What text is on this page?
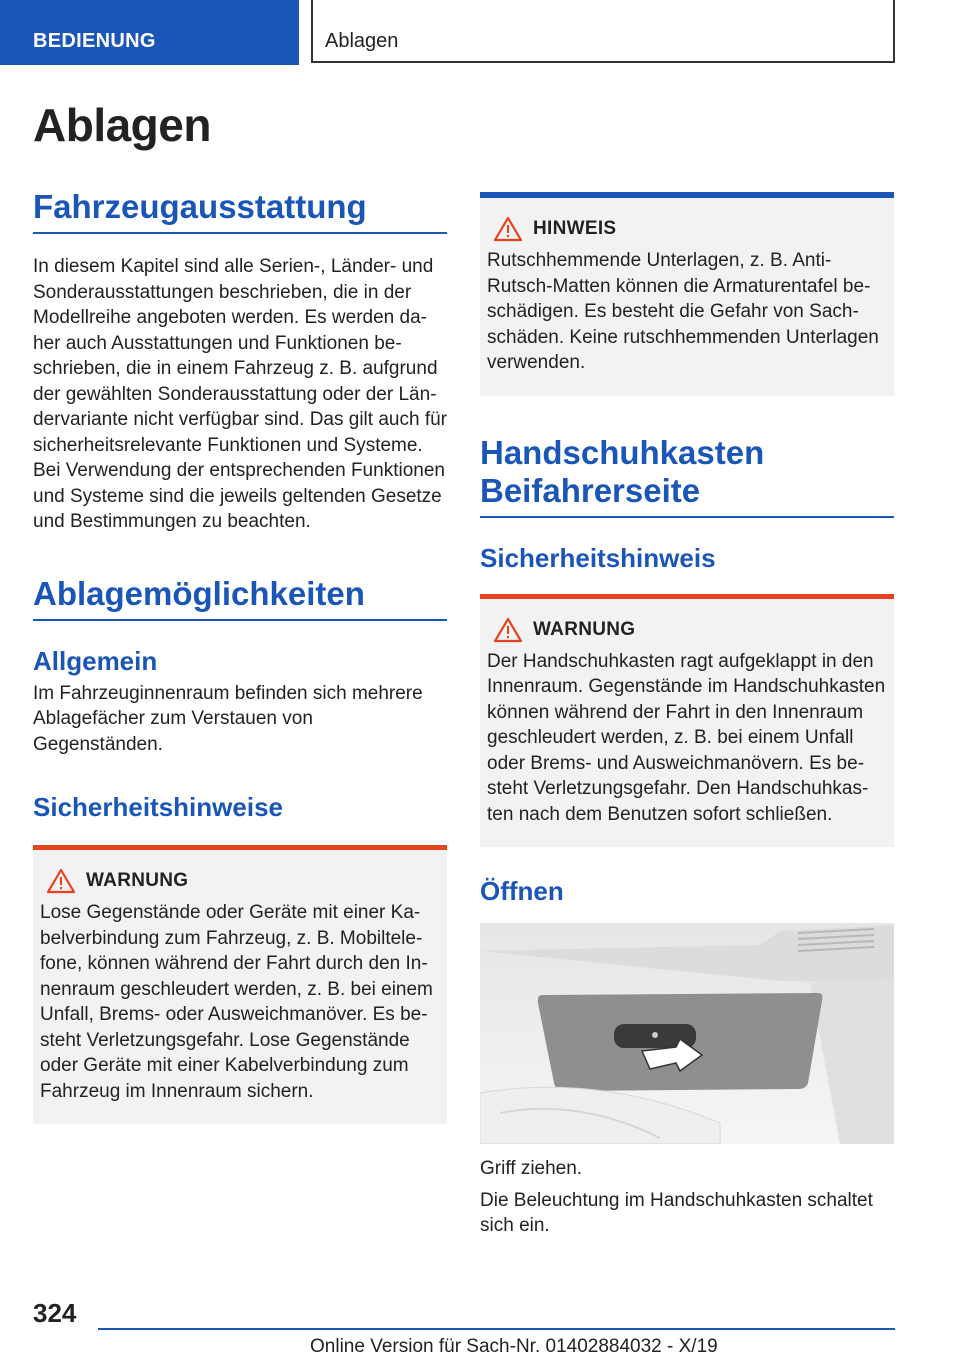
BEDIENUNG	Ablagen
Ablagen
Fahrzeugausstattung

In diesem Kapitel sind alle Serien-, Länder- und Sonderausstattungen beschrieben, die in der Modellreihe angeboten werden. Es werden daher auch Ausstattungen und Funktionen beschrieben, die in einem Fahrzeug z. B. aufgrund der gewählten Sonderausstattung oder der Ländervariante nicht verfügbar sind. Das gilt auch für sicherheitsrelevante Funktionen und Systeme. Bei Verwendung der entsprechenden Funktionen und Systeme sind die jeweils geltenden Gesetze und Bestimmungen zu beachten.

Ablagemöglichkeiten
Allgemein

Im Fahrzeuginnenraum befinden sich mehrere Ablagefächer zum Verstauen von Gegenständen.

Sicherheitshinweise
WARNUNG

Lose Gegenstände oder Geräte mit einer Kabelverbindung zum Fahrzeug, z. B. Mobiltelefone, können während der Fahrt durch den Innenraum geschleudert werden, z. B. bei einem Unfall, Brems- oder Ausweichmanöver. Es besteht Verletzungsgefahr. Lose Gegenstände oder Geräte mit einer Kabelverbindung zum Fahrzeug im Innenraum sichern.

HINWEIS

Rutschhemmende Unterlagen, z. B. Anti-Rutsch-Matten können die Armaturentafel beschädigen. Es besteht die Gefahr von Sachschäden. Keine rutschhemmenden Unterlagen verwenden.

Handschuhkasten
Beifahrerseite
Sicherheitshinweis
WARNUNG

Der Handschuhkasten ragt aufgeklappt in den Innenraum. Gegenstände im Handschuhkasten können während der Fahrt in den Innenraum geschleudert werden, z. B. bei einem Unfall oder Brems- und Ausweichmanövern. Es besteht Verletzungsgefahr. Den Handschuhkasten nach dem Benutzen sofort schließen.

Öffnen

Griff ziehen.

Die Beleuchtung im Handschuhkasten schaltet sich ein.

324
Online Version für Sach-Nr. 01402884032 - X/19
